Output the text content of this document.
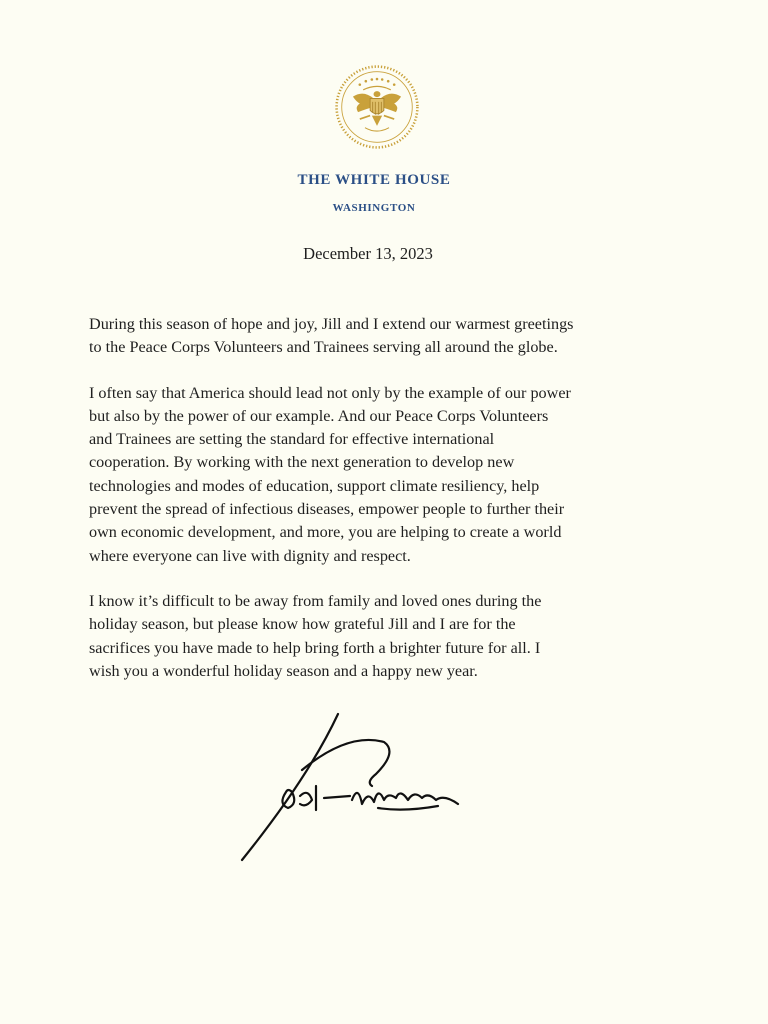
THE WHITE HOUSE
WASHINGTON
December 13, 2023

During this season of hope and joy, Jill and I extend our warmest greetings
to the Peace Corps Volunteers and Trainees serving all around the globe.

I often say that America should lead not only by the example of our power
but also by the power of our example. And our Peace Corps Volunteers
and Trainees are setting the standard for effective international
cooperation. By working with the next generation to develop new
technologies and modes of education, support climate resiliency, help
prevent the spread of infectious diseases, empower people to further their
own economic development, and more, you are helping to create a world
where everyone can live with dignity and respect.

I know it’s difficult to be away from family and loved ones during the
holiday season, but please know how grateful Jill and I are for the
sacrifices you have made to help bring forth a brighter future for all. I
wish you a wonderful holiday season and a happy new year.
